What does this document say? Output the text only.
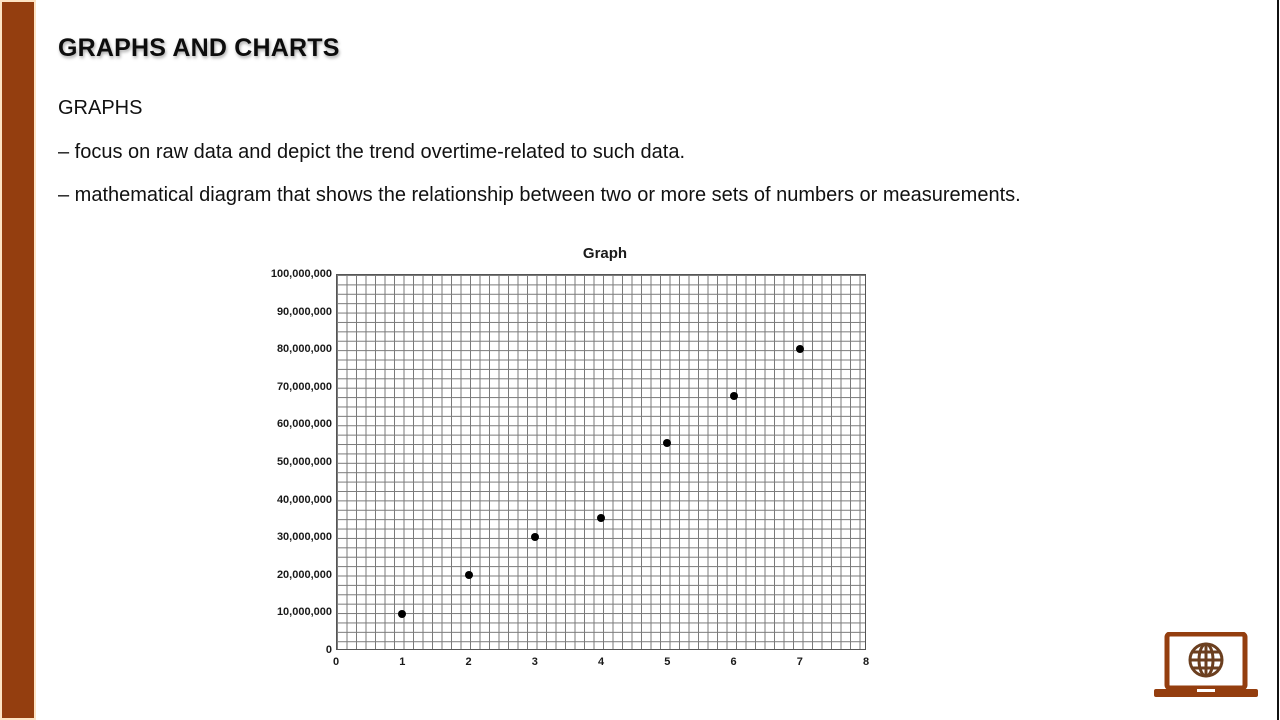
GRAPHS AND CHARTS
GRAPHS
– focus on raw data and depict the trend overtime-related to such data.
– mathematical diagram that shows the relationship between two or more sets of numbers or measurements.
Graph
0
10,000,000
20,000,000
30,000,000
40,000,000
50,000,000
60,000,000
70,000,000
80,000,000
90,000,000
100,000,000
0	1	2	3	4	5	6	7	8
